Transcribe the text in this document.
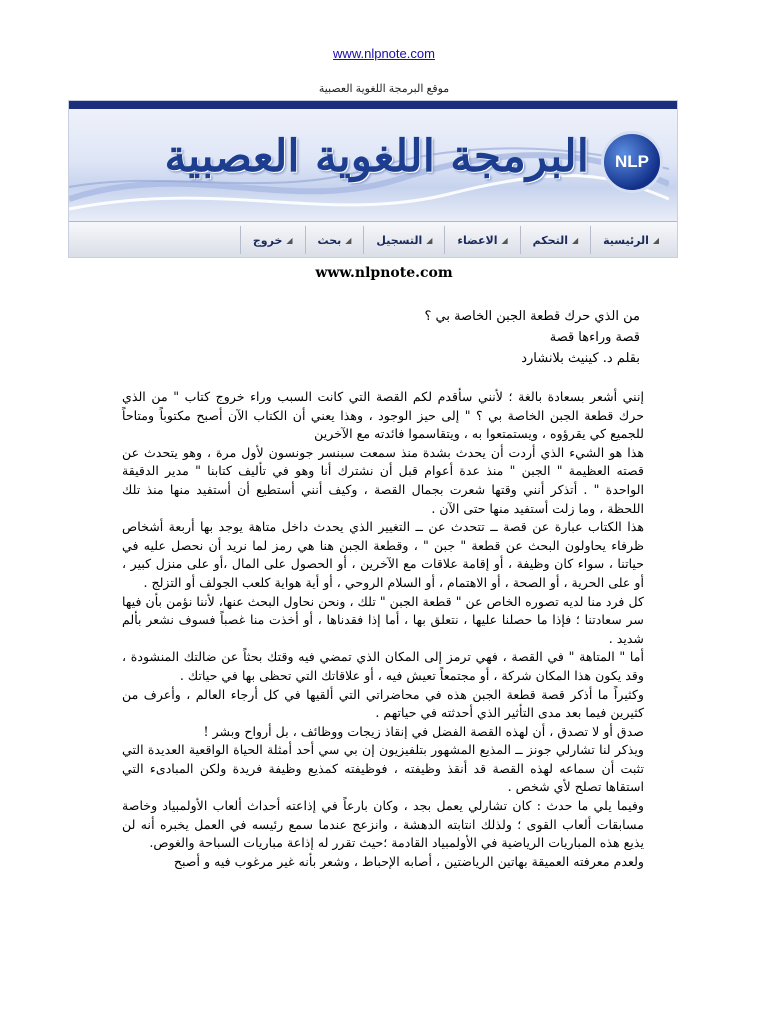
www.nlpnote.com
موقع البرمجة اللغوية العصبية
البرمجة اللغوية العصبية	NLP
◢
الرئيسية
◢
التحكم
◢
الاعضاء
◢
التسجيل
◢
بحث
◢
خروج
www.nlpnote.com
من الذي حرك قطعة الجبن الخاصة بي ؟
قصة وراءها قصة
بقلم د. كينيث بلانشارد

إنني أشعر بسعادة بالغة ؛ لأنني سأقدم لكم القصة التي كانت السبب وراء خروج كتاب " من الذي حرك قطعة الجبن الخاصة بي ؟ " إلى حيز الوجود ، وهذا يعني أن الكتاب الآن أصبح مكتوباً ومتاحاً للجميع كي يقرؤوه ، ويستمتعوا به ، ويتقاسموا فائدته مع الآخرين

هذا هو الشيء الذي أردت أن يحدث بشدة منذ سمعت سبنسر جونسون لأول مرة ، وهو يتحدث عن قصته العظيمة " الجبن " منذ عدة أعوام قبل أن نشترك أنا وهو في تأليف كتابنا " مدير الدقيقة الواحدة " . أتذكر أنني وقتها شعرت بجمال القصة ، وكيف أنني أستطيع أن أستفيد منها منذ تلك اللحظة ، وما زلت أستفيد منها حتى الآن .

هذا الكتاب عبارة عن قصة ــ تتحدث عن ــ التغيير الذي يحدث داخل متاهة يوجد بها أربعة أشخاص ظرفاء يحاولون البحث عن قطعة " جبن " ، وقطعة الجبن هنا هي رمز لما نريد أن نحصل عليه في حياتنا ، سواء كان وظيفة ، أو إقامة علاقات مع الآخرين ، أو الحصول على المال ،أو على منزل كبير ، أو على الحرية ، أو الصحة ، أو الاهتمام ، أو السلام الروحي ، أو أية هواية كلعب الجولف أو التزلج .

كل فرد منا لديه تصوره الخاص عن " قطعة الجبن " تلك ، ونحن نحاول البحث عنها، لأننا نؤمن بأن فيها سر سعادتنا ؛ فإذا ما حصلنا عليها ، نتعلق بها ، أما إذا فقدناها ، أو أخذت منا غصباً فسوف نشعر بألم شديد .

أما " المتاهة " في القصة ، فهي ترمز إلى المكان الذي تمضي فيه وقتك بحثاً عن ضالتك المنشودة ، وقد يكون هذا المكان شركة ، أو مجتمعاً تعيش فيه ، أو علاقاتك التي تحظى بها في حياتك .

وكثيراً ما أذكر قصة قطعة الجبن هذه في محاضراتي التي ألقيها في كل أرجاء العالم ، وأعرف من كثيرين فيما بعد مدى التأثير الذي أحدثته في حياتهم .

صدق أو لا تصدق ، أن لهذه القصة الفضل في إنقاذ زيجات ووظائف ، بل أرواح وبشر !

ويذكر لنا تشارلي جونز ــ المذيع المشهور بتلفيزيون إن بي سي أحد أمثلة الحياة الواقعية العديدة التي تثبت أن سماعه لهذه القصة قد أنقذ وظيفته ، فوظيفته كمذيع وظيفة فريدة ولكن المبادىء التي استقاها تصلح لأي شخص .

وفيما يلي ما حدث : كان تشارلي يعمل بجد ، وكان بارعاً في إذاعته أحداث ألعاب الأولمبياد وخاصة مسابقات ألعاب القوى ؛ ولذلك انتابته الدهشة ، وانزعج عندما سمع رئيسه في العمل يخبره أنه لن يذيع هذه المباريات الرياضية في الأولمبياد القادمة ؛حيث تقرر له إذاعة مباريات السباحة والغوص.

ولعدم معرفته العميقة بهاتين الرياضتين ، أصابه الإحباط ، وشعر بأنه غير مرغوب فيه و أصبح
